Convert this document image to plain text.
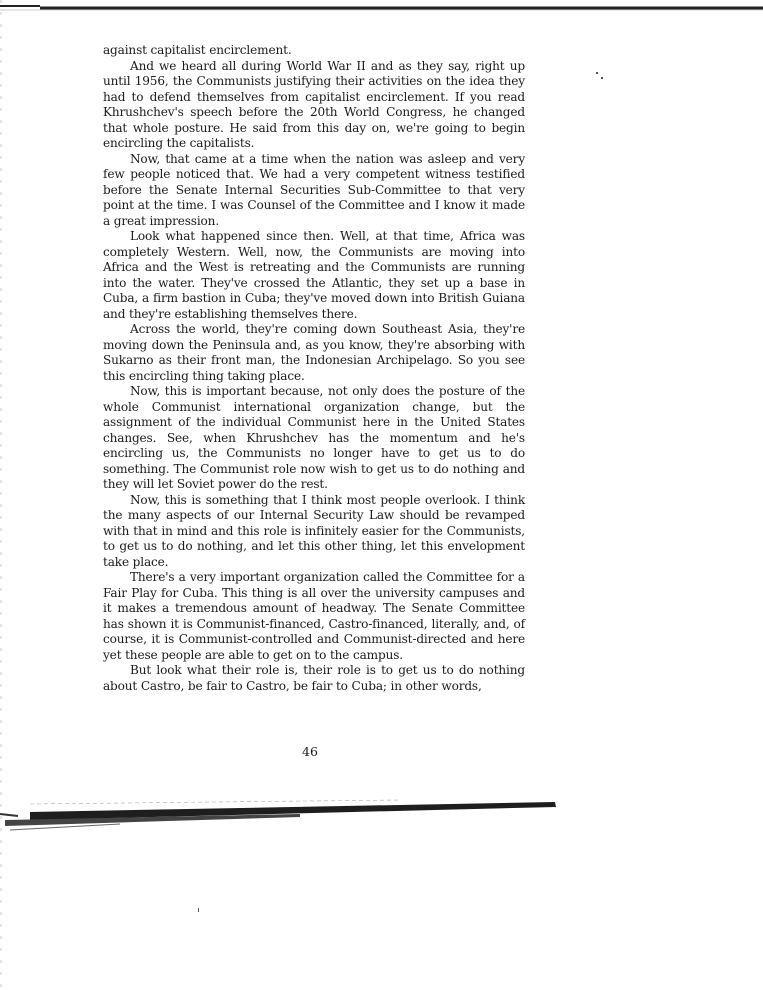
against capitalist encirclement.

And we heard all during World War II and as they say, right up until 1956, the Communists justifying their activities on the idea they had to defend themselves from capitalist encirclement. If you read Khrushchev's speech before the 20th World Congress, he changed that whole posture. He said from this day on, we're going to begin encircling the capitalists.

Now, that came at a time when the nation was asleep and very few people noticed that. We had a very competent witness testified before the Senate Internal Securities Sub-Committee to that very point at the time. I was Counsel of the Committee and I know it made a great impression.

Look what happened since then. Well, at that time, Africa was completely Western. Well, now, the Communists are moving into Africa and the West is retreating and the Communists are running into the water. They've crossed the Atlantic, they set up a base in Cuba, a firm bastion in Cuba; they've moved down into British Guiana and they're establishing themselves there.

Across the world, they're coming down Southeast Asia, they're moving down the Peninsula and, as you know, they're absorbing with Sukarno as their front man, the Indonesian Archipelago. So you see this encircling thing taking place.

Now, this is important because, not only does the posture of the whole Communist international organization change, but the assignment of the individual Communist here in the United States changes. See, when Khrushchev has the momentum and he's encircling us, the Communists no longer have to get us to do something. The Communist role now wish to get us to do nothing and they will let Soviet power do the rest.

Now, this is something that I think most people overlook. I think the many aspects of our Internal Security Law should be revamped with that in mind and this role is infinitely easier for the Communists, to get us to do nothing, and let this other thing, let this envelopment take place.

There's a very important organization called the Committee for a Fair Play for Cuba. This thing is all over the university campuses and it makes a tremendous amount of headway. The Senate Committee has shown it is Communist-financed, Castro-financed, literally, and, of course, it is Communist-controlled and Communist-directed and here yet these people are able to get on to the campus.

But look what their role is, their role is to get us to do nothing about Castro, be fair to Castro, be fair to Cuba; in other words,

46
